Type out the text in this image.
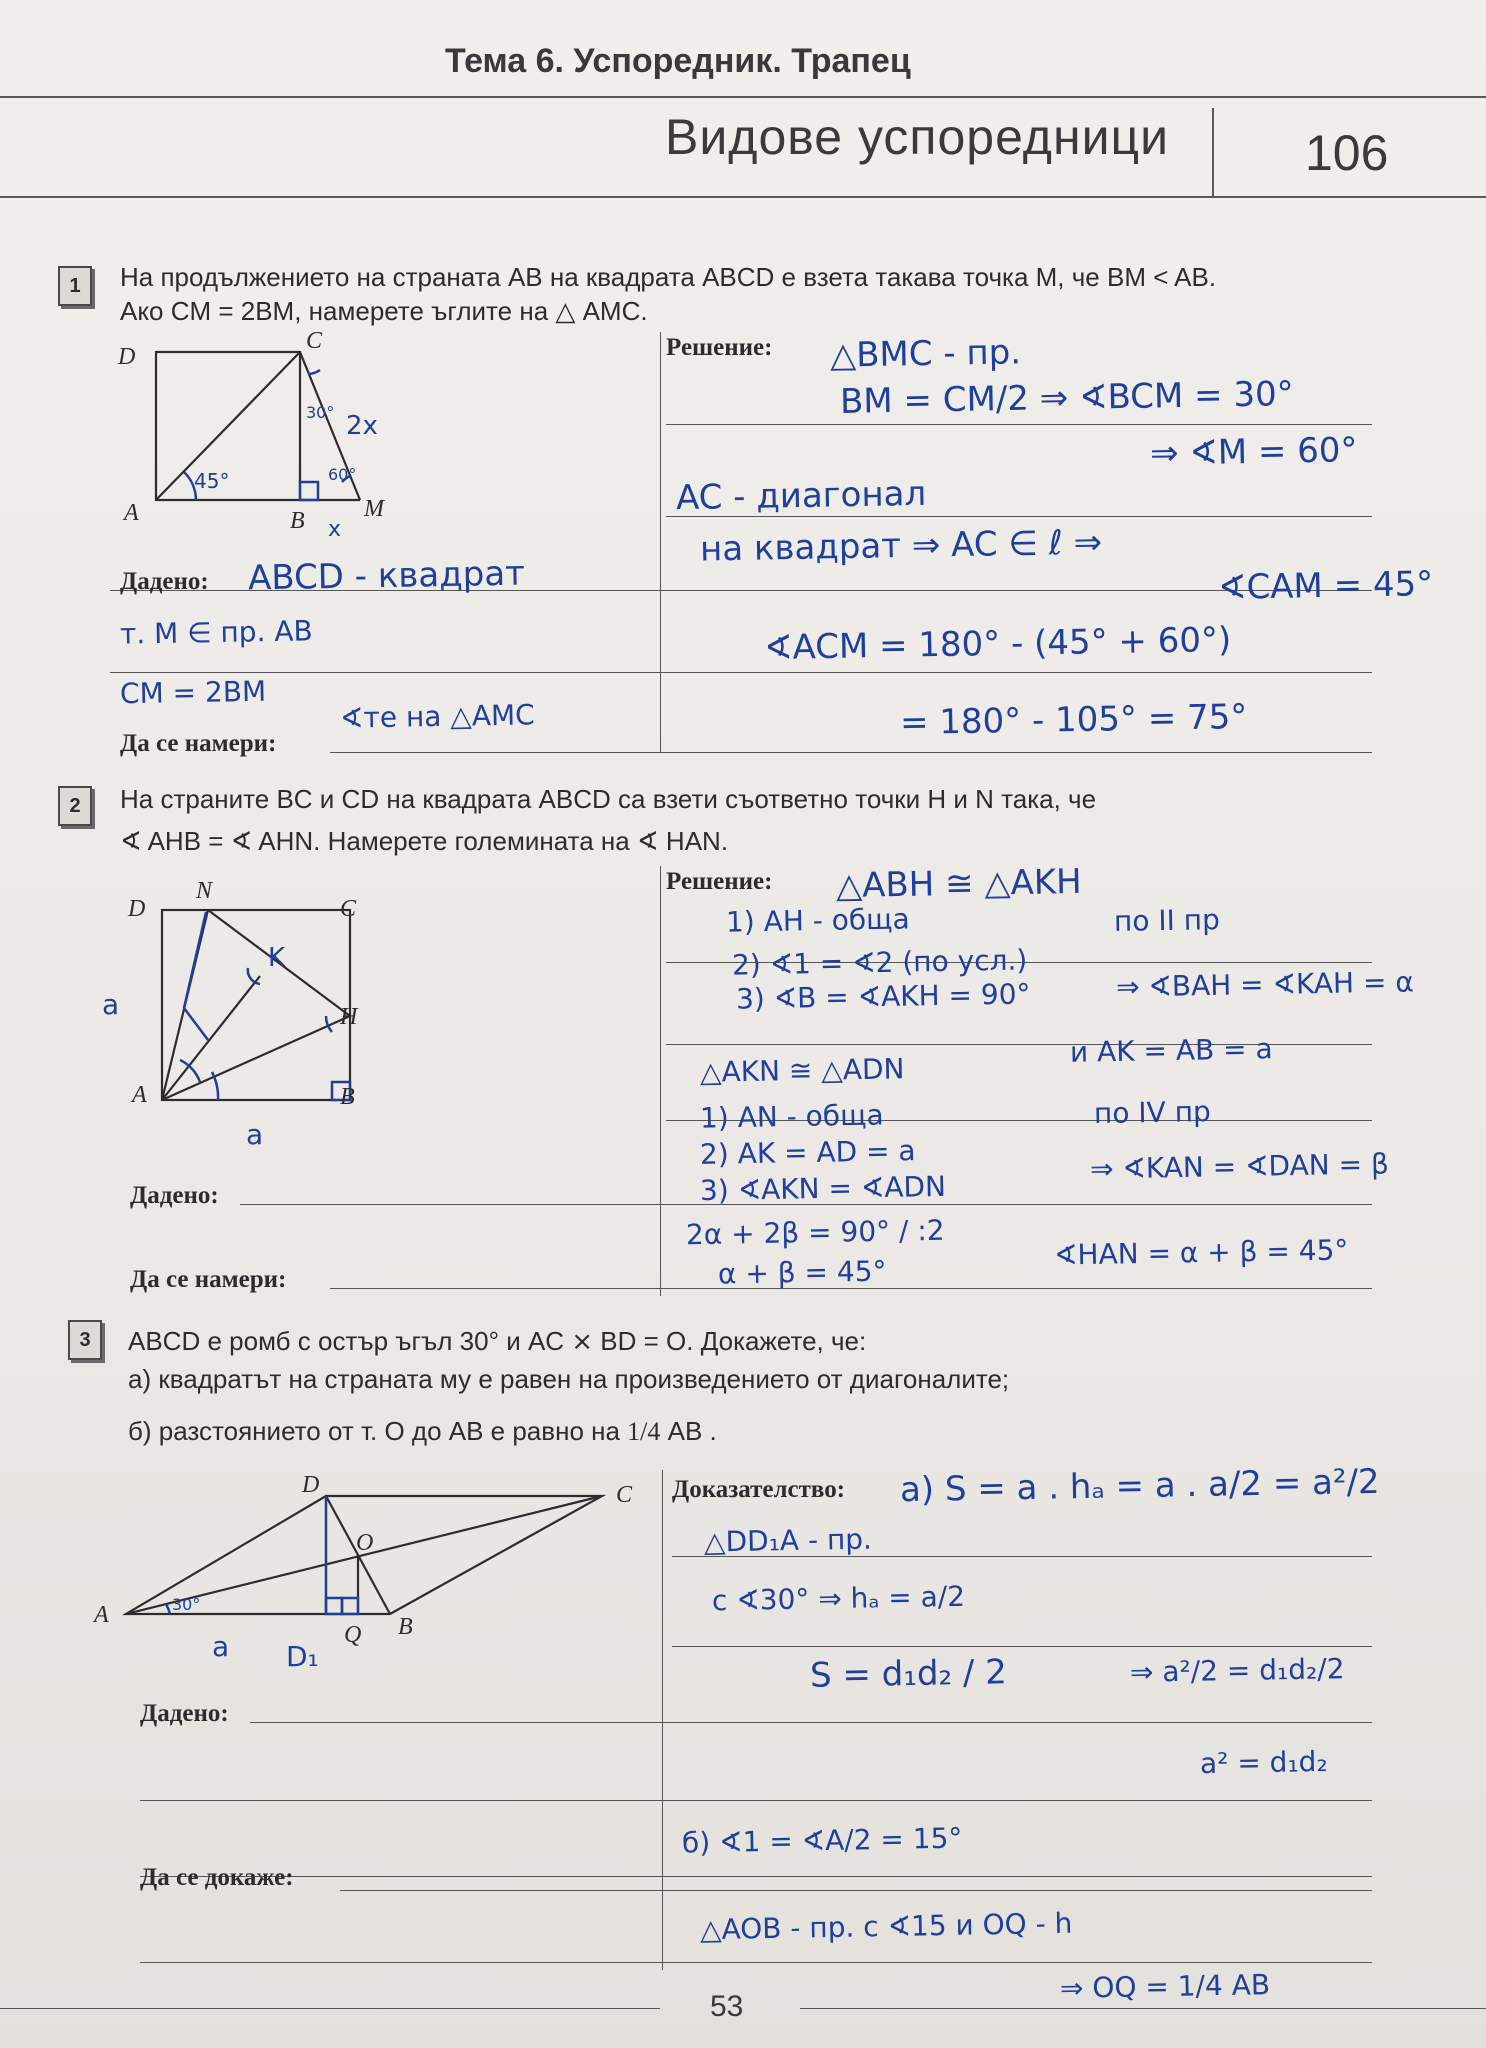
Тема 6. Успоредник. Трапец
Видове успоредници	106
1	На продължението на страната AB на квадрата ABCD е взета такава точка M, че BM < AB.
Ако CM = 2BM, намерете ъглите на △ AMC.
D
C
A	B M
45°
x
2x
30°
60°
Решение:
Дадено:
Да се намери:
△BMC - пр.
BM = CM/2 ⇒ ∢BCM = 30°
⇒ ∢M = 60°
AC - диагонал
на квадрат ⇒ AC ∈ ℓ ⇒
∢CAM = 45°
∢ACM = 180° - (45° + 60°)
= 180° - 105° = 75°
ABCD - квадрат
т. M ∈ пр. AB
CM = 2BM
∢те на △AMC
2	На страните BC и CD на квадрата ABCD са взети съответно точки H и N така, че
∢ AHB = ∢ AHN. Намерете големината на ∢ HAN.
D
N
C
H
A	B
K
a
a
Решение:
Дадено:
Да се намери:
△ABH ≅ △AKH
1) AH - обща
2) ∢1 = ∢2 (по усл.)
3) ∢B = ∢AKH = 90°
по II пр
⇒ ∢BAH = ∢KAH = α
и AK = AB = a
△AKN ≅ △ADN
1) AN - обща
2) AK = AD = a
3) ∢AKN = ∢ADN
по IV пр
⇒ ∢KAN = ∢DAN = β
2α + 2β = 90° / :2
α + β = 45°
∢HAN = α + β = 45°
3	ABCD е ромб с остър ъгъл 30° и AC ⨯ BD = O. Докажете, че:
а) квадратът на страната му е равен на произведението от диагоналите;
б) разстоянието от т. O до AB е равно на 1/4 AB .
D	C
O
A	B
Q
a D₁
30°
Доказателство:
Дадено:
Да се докаже:
а) S = a . hₐ = a . a/2 = a²/2
△DD₁A - пр.
c ∢30° ⇒ hₐ = a/2
S = d₁d₂ / 2	⇒ a²/2 = d₁d₂/2
a² = d₁d₂
б) ∢1 = ∢A/2 = 15°
△AOB - пр. с ∢15 и OQ - h
⇒ OQ = 1/4 AB
53
